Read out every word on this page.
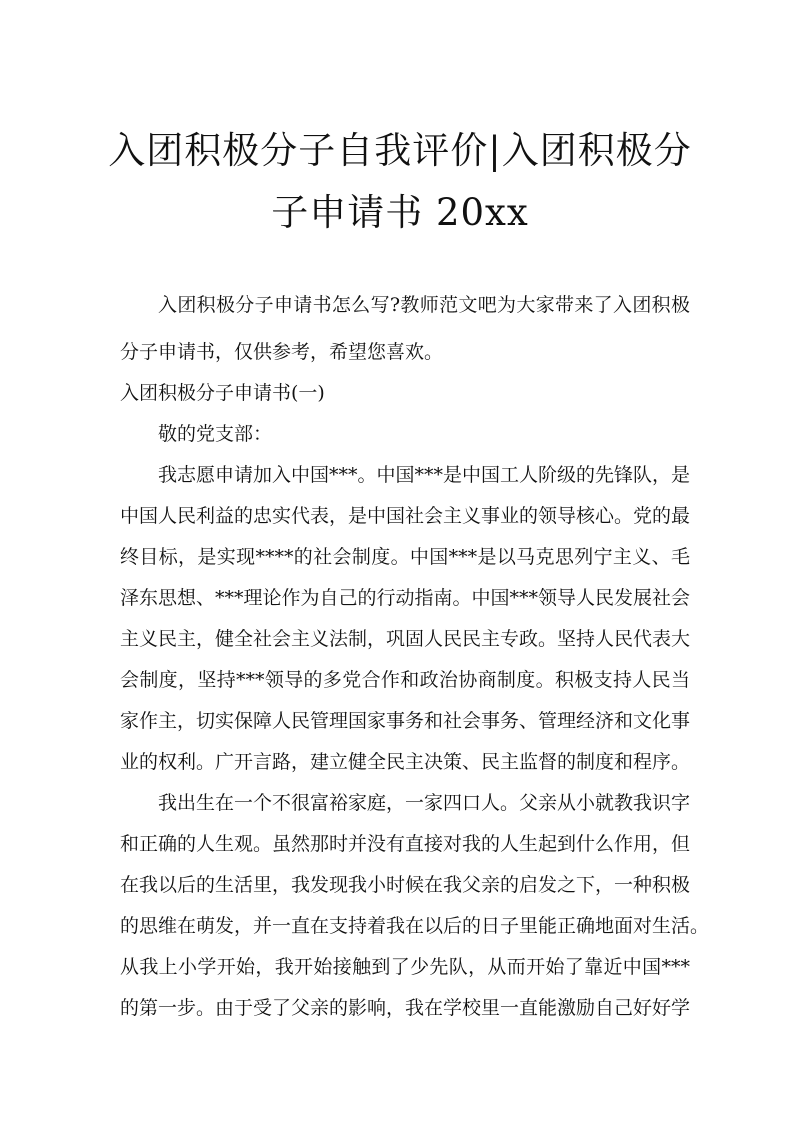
入团积极分子自我评价|入团积极分
子申请书 20xx
入团积极分子申请书怎么写?教师范文吧为大家带来了入团积极
分子申请书，仅供参考，希望您喜欢。
入团积极分子申请书(一)
敬的党支部：
我志愿申请加入中国***。中国***是中国工人阶级的先锋队，是
中国人民利益的忠实代表，是中国社会主义事业的领导核心。党的最
终目标，是实现****的社会制度。中国***是以马克思列宁主义、毛
泽东思想、***理论作为自己的行动指南。中国***领导人民发展社会
主义民主，健全社会主义法制，巩固人民民主专政。坚持人民代表大
会制度，坚持***领导的多党合作和政治协商制度。积极支持人民当
家作主，切实保障人民管理国家事务和社会事务、管理经济和文化事
业的权利。广开言路，建立健全民主决策、民主监督的制度和程序。
我出生在一个不很富裕家庭，一家四口人。父亲从小就教我识字
和正确的人生观。虽然那时并没有直接对我的人生起到什么作用，但
在我以后的生活里，我发现我小时候在我父亲的启发之下，一种积极
的思维在萌发，并一直在支持着我在以后的日子里能正确地面对生活。
从我上小学开始，我开始接触到了少先队，从而开始了靠近中国***
的第一步。由于受了父亲的影响，我在学校里一直能激励自己好好学
